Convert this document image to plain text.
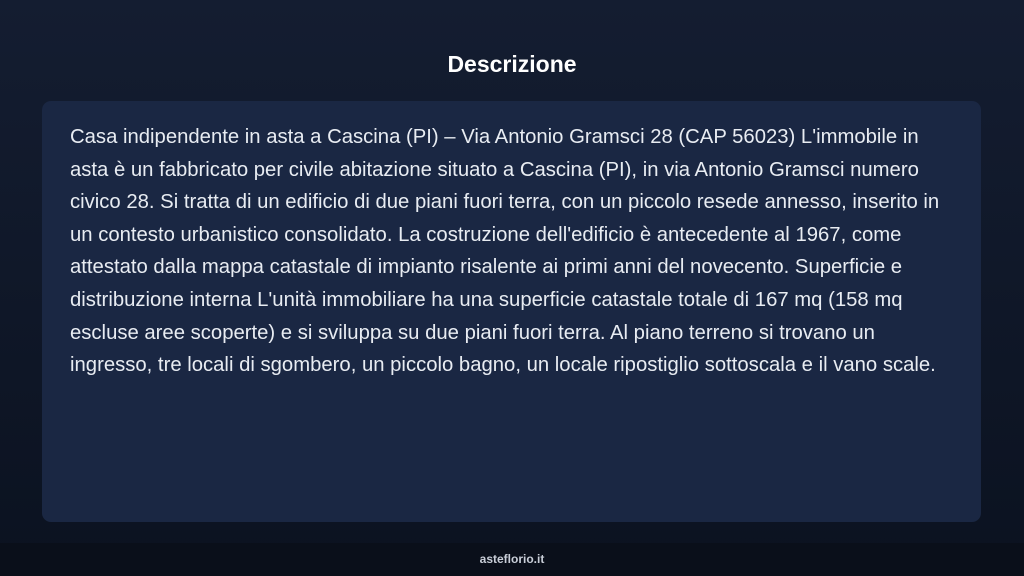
Descrizione

Casa indipendente in asta a Cascina (PI) – Via Antonio Gramsci 28 (CAP 56023) L'immobile in asta è un fabbricato per civile abitazione situato a Cascina (PI), in via Antonio Gramsci numero civico 28. Si tratta di un edificio di due piani fuori terra, con un piccolo resede annesso, inserito in un contesto urbanistico consolidato. La costruzione dell'edificio è antecedente al 1967, come attestato dalla mappa catastale di impianto risalente ai primi anni del novecento. Superficie e distribuzione interna L'unità immobiliare ha una superficie catastale totale di 167 mq (158 mq escluse aree scoperte) e si sviluppa su due piani fuori terra. Al piano terreno si trovano un ingresso, tre locali di sgombero, un piccolo bagno, un locale ripostiglio sottoscala e il vano scale.

asteflorio.it
